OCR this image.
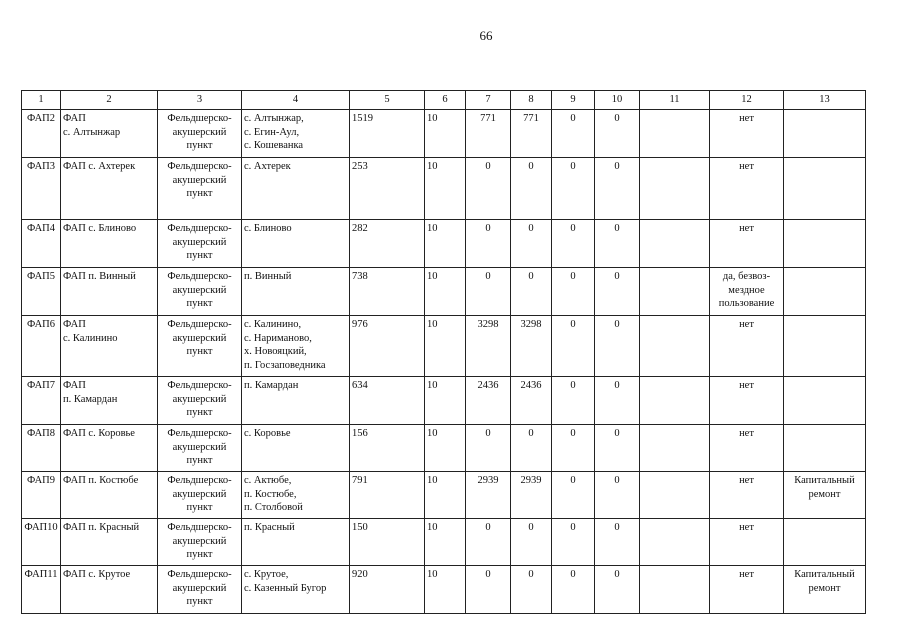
66
1	2	3	4	5	6	7	8	9	10	11	12	13
ФАП2	ФАП
с. Алтынжар	Фельдшерско-акушерский пункт	с. Алтынжар,
с. Егин-Аул,
с. Кошеванка	1519	10	771	771	0	0		нет	
ФАП3	ФАП с. Ахтерек	Фельдшерско-акушерский пункт	с. Ахтерек	253	10	0	0	0	0		нет	
ФАП4	ФАП с. Блиново	Фельдшерско-акушерский пункт	с. Блиново	282	10	0	0	0	0		нет	
ФАП5	ФАП п. Винный	Фельдшерско-акушерский пункт	п. Винный	738	10	0	0	0	0		да, безвоз-
мездное
пользование	
ФАП6	ФАП
с. Калинино	Фельдшерско-акушерский пункт	с. Калинино,
с. Нариманово,
х. Новояцкий,
п. Госзаповедника	976	10	3298	3298	0	0		нет	
ФАП7	ФАП
п. Камардан	Фельдшерско-акушерский пункт	п. Камардан	634	10	2436	2436	0	0		нет	
ФАП8	ФАП с. Коровье	Фельдшерско-акушерский пункт	с. Коровье	156	10	0	0	0	0		нет	
ФАП9	ФАП п. Костюбе	Фельдшерско-акушерский пункт	с. Актюбе,
п. Костюбе,
п. Столбовой	791	10	2939	2939	0	0		нет	Капитальный
ремонт
ФАП10	ФАП п. Красный	Фельдшерско-акушерский пункт	п. Красный	150	10	0	0	0	0		нет	
ФАП11	ФАП с. Крутое	Фельдшерско-акушерский пункт	с. Крутое,
с. Казенный Бугор	920	10	0	0	0	0		нет	Капитальный
ремонт
